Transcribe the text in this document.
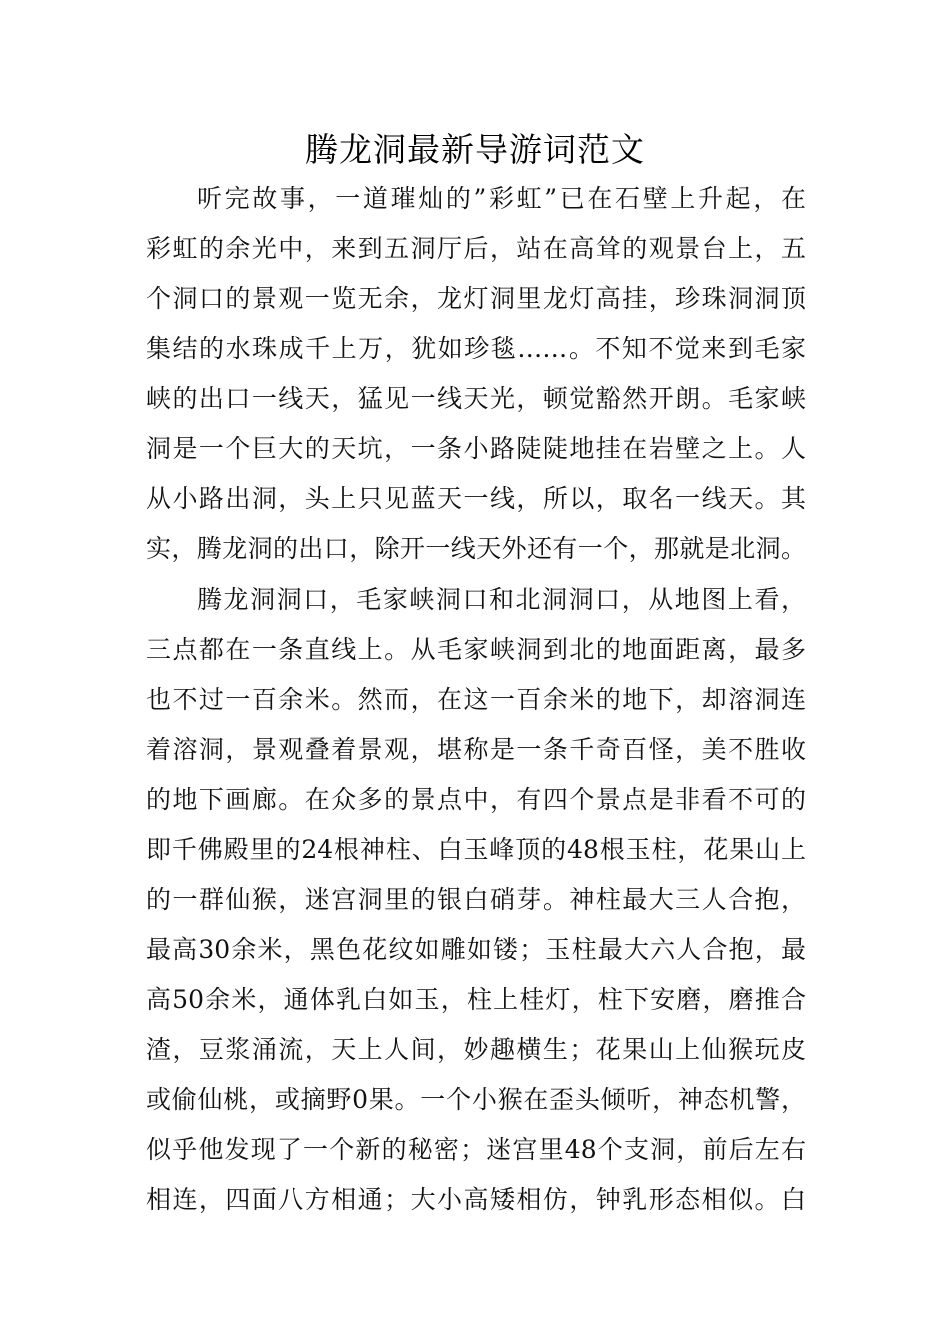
腾龙洞最新导游词范文
听完故事，一道璀灿的”彩虹”已在石壁上升起，在
彩虹的余光中，来到五洞厅后，站在高耸的观景台上，五
个洞口的景观一览无余，龙灯洞里龙灯高挂，珍珠洞洞顶
集结的水珠成千上万，犹如珍毯……。不知不觉来到毛家
峡的出口一线天，猛见一线天光，顿觉豁然开朗。毛家峡
洞是一个巨大的天坑，一条小路陡陡地挂在岩壁之上。人
从小路出洞，头上只见蓝天一线，所以，取名一线天。其
实，腾龙洞的出口，除开一线天外还有一个，那就是北洞。
腾龙洞洞口，毛家峡洞口和北洞洞口，从地图上看，
三点都在一条直线上。从毛家峡洞到北的地面距离，最多
也不过一百余米。然而，在这一百余米的地下，却溶洞连
着溶洞，景观叠着景观，堪称是一条千奇百怪，美不胜收
的地下画廊。在众多的景点中，有四个景点是非看不可的
即千佛殿里的24根神柱、白玉峰顶的48根玉柱，花果山上
的一群仙猴，迷宫洞里的银白硝芽。神柱最大三人合抱，
最高30余米，黑色花纹如雕如镂；玉柱最大六人合抱，最
高50余米，通体乳白如玉，柱上桂灯，柱下安磨，磨推合
渣，豆浆涌流，天上人间，妙趣横生；花果山上仙猴玩皮
或偷仙桃，或摘野0果。一个小猴在歪头倾听，神态机警，
似乎他发现了一个新的秘密；迷宫里48个支洞，前后左右
相连，四面八方相通；大小高矮相仿，钟乳形态相似。白
